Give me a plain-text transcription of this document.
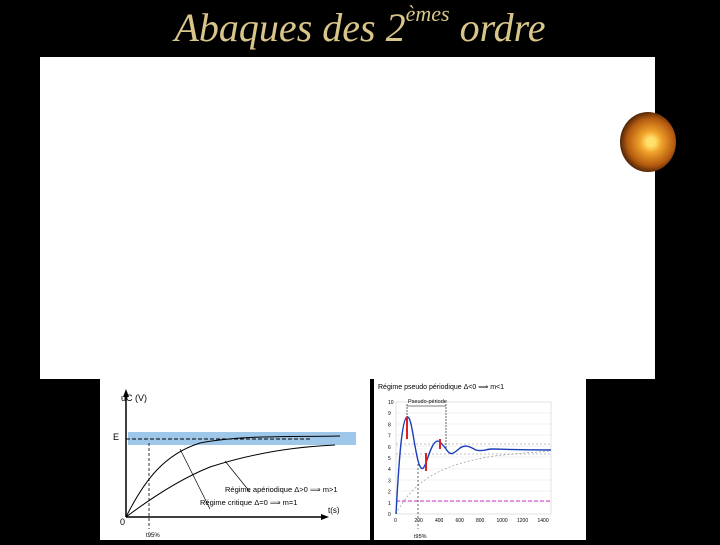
Abaques des 2èmes ordre
uC (V)
E
0
t(s)
t95%
Régime apériodique Δ>0 ⟹ m>1
Régime critique Δ=0 ⟹ m=1
Régime pseudo périodique Δ<0 ⟹ m<1
Pseudo-période
t95%
0
1
2
3
4
5
6
7
8
9
10
0	200 400 600 800 1000 1200 1400
